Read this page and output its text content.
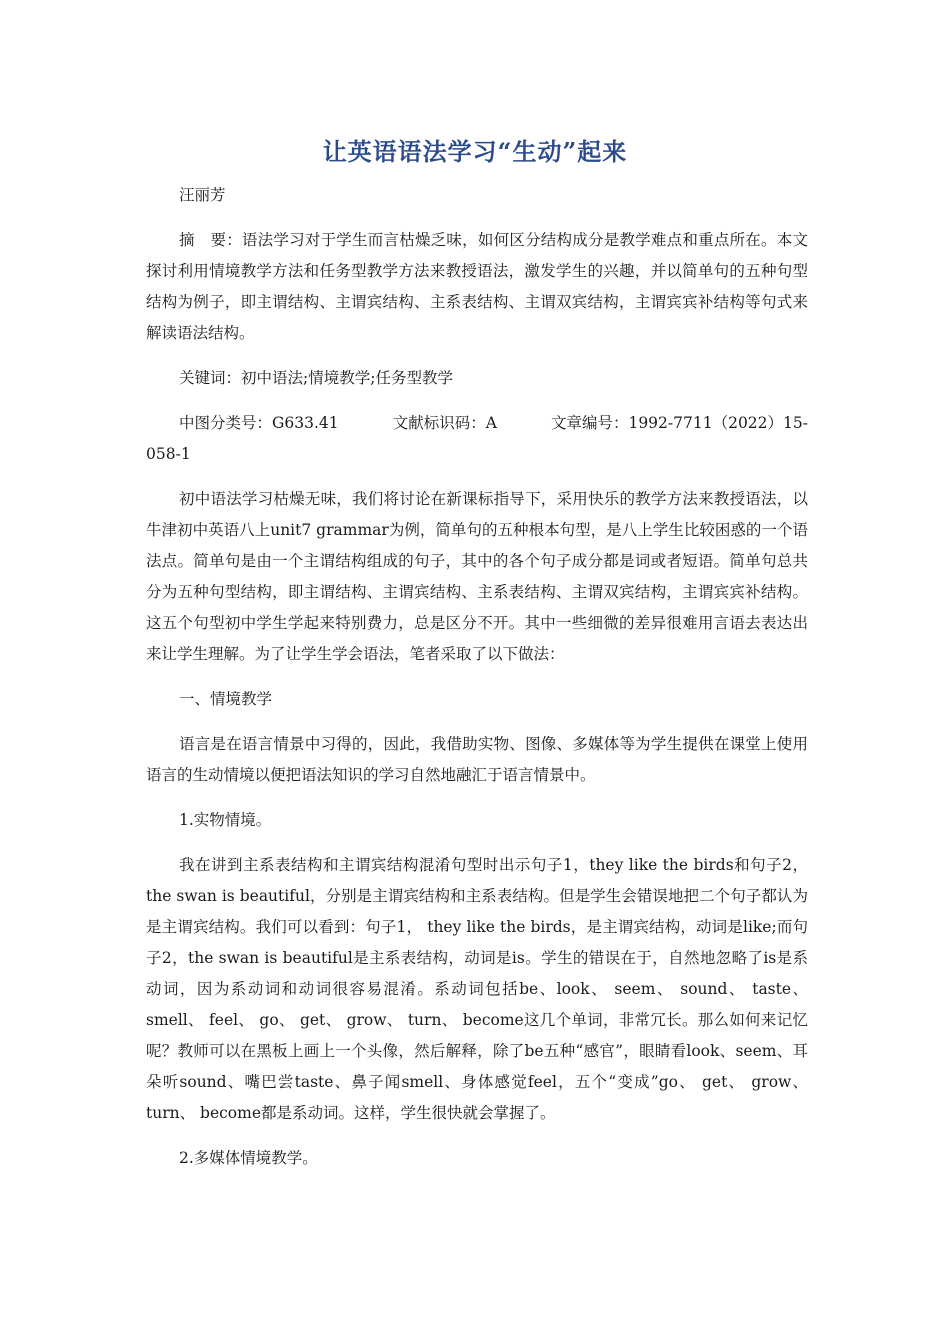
让英语语法学习“生动”起来

汪丽芳

摘　要：语法学习对于学生而言枯燥乏味，如何区分结构成分是教学难点和重点所在。本文探讨利用情境教学方法和任务型教学方法来教授语法，激发学生的兴趣，并以简单句的五种句型结构为例子，即主谓结构、主谓宾结构、主系表结构、主谓双宾结构，主谓宾宾补结构等句式来解读语法结构。

关键词：初中语法;情境教学;任务型教学

中图分类号：G633.41	文献标识码：A	文章编号：1992-7711（2022）15-
058-1

初中语法学习枯燥无味，我们将讨论在新课标指导下，采用快乐的教学方法来教授语法，以牛津初中英语八上unit7 grammar为例，简单句的五种根本句型，是八上学生比较困惑的一个语法点。简单句是由一个主谓结构组成的句子，其中的各个句子成分都是词或者短语。简单句总共分为五种句型结构，即主谓结构、主谓宾结构、主系表结构、主谓双宾结构，主谓宾宾补结构。这五个句型初中学生学起来特别费力，总是区分不开。其中一些细微的差异很难用言语去表达出来让学生理解。为了让学生学会语法，笔者采取了以下做法：

一、情境教学

语言是在语言情景中习得的，因此，我借助实物、图像、多媒体等为学生提供在课堂上使用语言的生动情境以便把语法知识的学习自然地融汇于语言情景中。

1.实物情境。

我在讲到主系表结构和主谓宾结构混淆句型时出示句子1，they like the birds和句子2，the swan is beautiful，分别是主谓宾结构和主系表结构。但是学生会错误地把二个句子都认为是主谓宾结构。我们可以看到：句子1， they like the birds，是主谓宾结构，动词是like;而句子2，the swan is beautiful是主系表结构，动词是is。学生的错误在于，自然地忽略了is是系动词，因为系动词和动词很容易混淆。系动词包括be、look、 seem、 sound、 taste、 smell、 feel、 go、 get、 grow、 turn、 become这几个单词，非常冗长。那么如何来记忆呢？教师可以在黑板上画上一个头像，然后解释，除了be五种“感官”，眼睛看look、seem、耳朵听sound、嘴巴尝taste、鼻子闻smell、身体感觉feel，五个“变成”go、 get、 grow、 turn、 become都是系动词。这样，学生很快就会掌握了。

2.多媒体情境教学。
